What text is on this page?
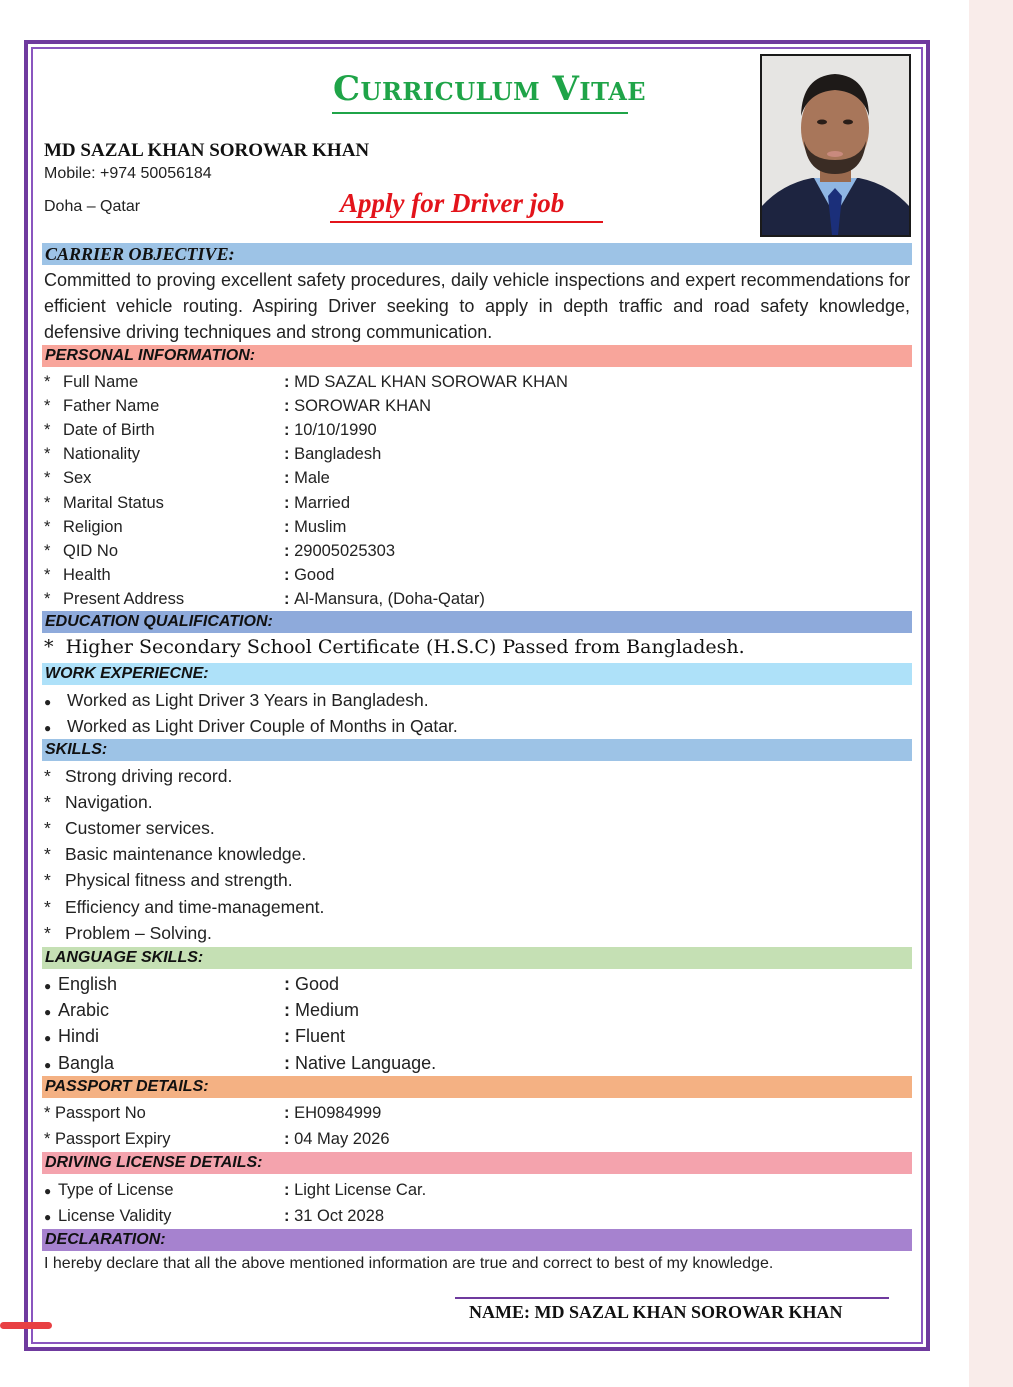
Curriculum Vitae
MD SAZAL KHAN SOROWAR KHAN
Mobile: +974 50056184
Doha – Qatar	Apply for Driver job
CARRIER OBJECTIVE:
Committed to proving excellent safety procedures, daily vehicle inspections and expert recommendations for efficient vehicle routing. Aspiring Driver seeking to apply in depth traffic and road safety knowledge, defensive driving techniques and strong communication.
PERSONAL INFORMATION:
* Full Name	: MD SAZAL KHAN SOROWAR KHAN
* Father Name	: SOROWAR KHAN
* Date of Birth	: 10/10/1990
* Nationality	: Bangladesh
* Sex	: Male
* Marital Status	: Married
* Religion	: Muslim
* QID No	: 29005025303
* Health	: Good
* Present Address	: Al-Mansura, (Doha-Qatar)
EDUCATION QUALIFICATION:
* Higher Secondary School Certificate (H.S.C) Passed from Bangladesh.
WORK EXPERIECNE:
● Worked as Light Driver 3 Years in Bangladesh.
● Worked as Light Driver Couple of Months in Qatar.
SKILLS:
* Strong driving record.
* Navigation.
* Customer services.
* Basic maintenance knowledge.
* Physical fitness and strength.
* Efficiency and time-management.
* Problem – Solving.
LANGUAGE SKILLS:
● English	: Good
● Arabic	: Medium
● Hindi	: Fluent
● Bangla	: Native Language.
PASSPORT DETAILS:
* Passport No	: EH0984999
* Passport Expiry	: 04 May 2026
DRIVING LICENSE DETAILS:
● Type of License	: Light License Car.
● License Validity	: 31 Oct 2028
DECLARATION:
I hereby declare that all the above mentioned information are true and correct to best of my knowledge.
NAME: MD SAZAL KHAN SOROWAR KHAN
